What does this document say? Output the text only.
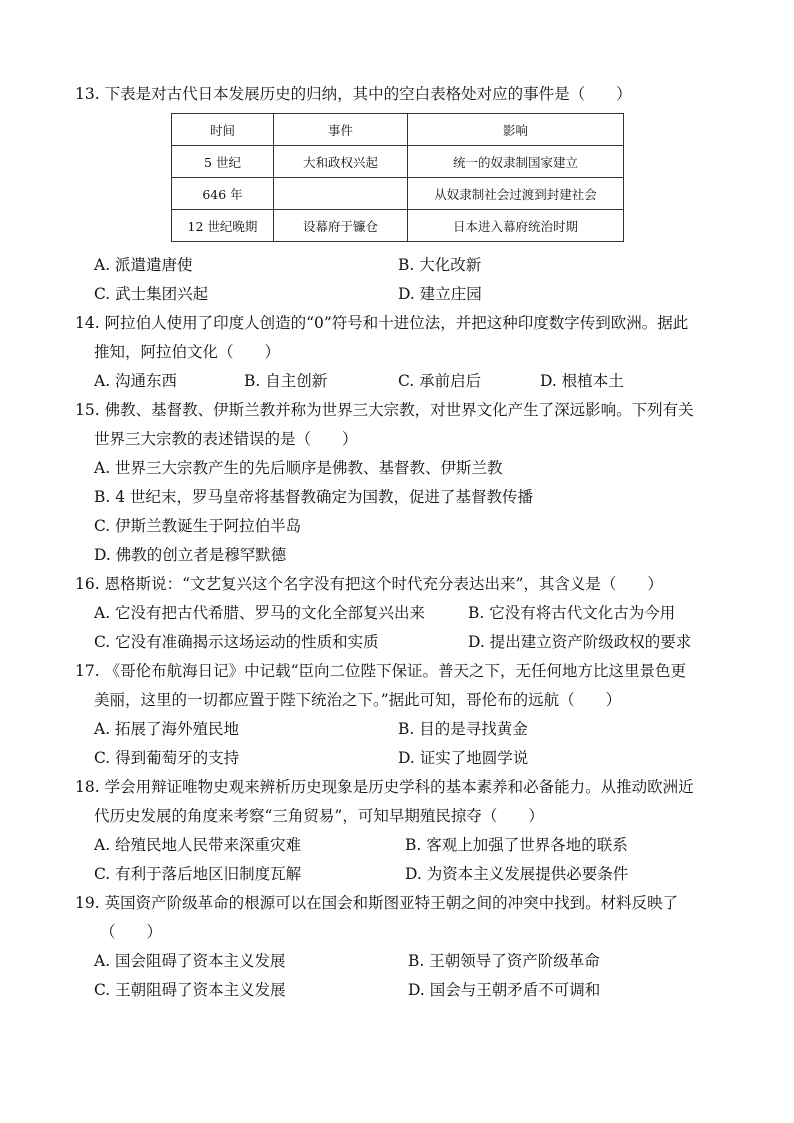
13. 下表是对古代日本发展历史的归纳，其中的空白表格处对应的事件是（　　）
时间	事件	影响
5 世纪	大和政权兴起	统一的奴隶制国家建立
646 年		从奴隶制社会过渡到封建社会
12 世纪晚期	设幕府于镰仓	日本进入幕府统治时期
A. 派遣遣唐使	B. 大化改新
C. 武士集团兴起	D. 建立庄园
14. 阿拉伯人使用了印度人创造的“0”符号和十进位法，并把这种印度数字传到欧洲。据此
推知，阿拉伯文化（　　）
A. 沟通东西	B. 自主创新	C. 承前启后	D. 根植本土
15. 佛教、基督教、伊斯兰教并称为世界三大宗教，对世界文化产生了深远影响。下列有关
世界三大宗教的表述错误的是（　　）
A. 世界三大宗教产生的先后顺序是佛教、基督教、伊斯兰教
B. 4 世纪末，罗马皇帝将基督教确定为国教，促进了基督教传播
C. 伊斯兰教诞生于阿拉伯半岛
D. 佛教的创立者是穆罕默德
16. 恩格斯说：“文艺复兴这个名字没有把这个时代充分表达出来”，其含义是（　　）
A. 它没有把古代希腊、罗马的文化全部复兴出来	B. 它没有将古代文化古为今用
C. 它没有准确揭示这场运动的性质和实质	D. 提出建立资产阶级政权的要求
17. 《哥伦布航海日记》中记载“臣向二位陛下保证。普天之下，无任何地方比这里景色更
美丽，这里的一切都应置于陛下统治之下。”据此可知，哥伦布的远航（　　）
A. 拓展了海外殖民地	B. 目的是寻找黄金
C. 得到葡萄牙的支持	D. 证实了地圆学说
18. 学会用辩证唯物史观来辨析历史现象是历史学科的基本素养和必备能力。从推动欧洲近
代历史发展的角度来考察“三角贸易”，可知早期殖民掠夺（　　）
A. 给殖民地人民带来深重灾难	B. 客观上加强了世界各地的联系
C. 有利于落后地区旧制度瓦解	D. 为资本主义发展提供必要条件
19. 英国资产阶级革命的根源可以在国会和斯图亚特王朝之间的冲突中找到。材料反映了
（　　）
A. 国会阻碍了资本主义发展	B. 王朝领导了资产阶级革命
C. 王朝阻碍了资本主义发展	D. 国会与王朝矛盾不可调和
